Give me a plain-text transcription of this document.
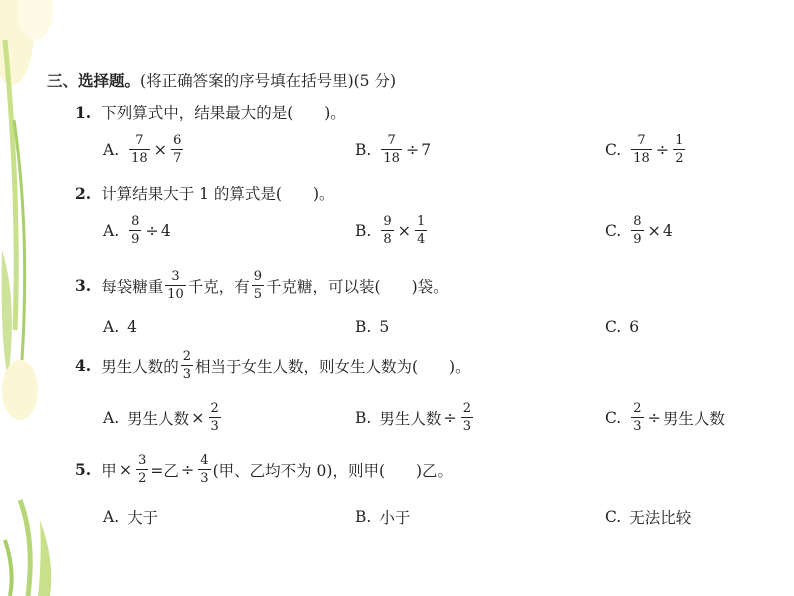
三、选择题。(将正确答案的序号填在括号里)(5 分)
1. 下列算式中，结果最大的是(　　)。
A. $\frac{7}{18} \times \frac{6}{7}$	B. $\frac{7}{18} \div 7$	C. $\frac{7}{18} \div \frac{1}{2}$
2. 计算结果大于 1 的算式是(　　)。
A. $\frac{8}{9} \div 4$	B. $\frac{9}{8} \times \frac{1}{4}$	C. $\frac{8}{9} \times 4$
3. 每袋糖重 $\frac{3}{10}$ 千克，有 $\frac{9}{5}$ 千克糖，可以装(　　)袋。
A. 4	B. 5	C. 6
4. 男生人数的 $\frac{2}{3}$ 相当于女生人数，则女生人数为(　　)。
A. 男生人数 × $\frac{2}{3}$	B. 男生人数 ÷ $\frac{2}{3}$	C. $\frac{2}{3}$ ÷ 男生人数
5. 甲 × $\frac{3}{2}$ =乙 ÷ $\frac{4}{3}$ (甲、乙均不为 0)，则甲(　　)乙。
A. 大于	B. 小于	C. 无法比较
